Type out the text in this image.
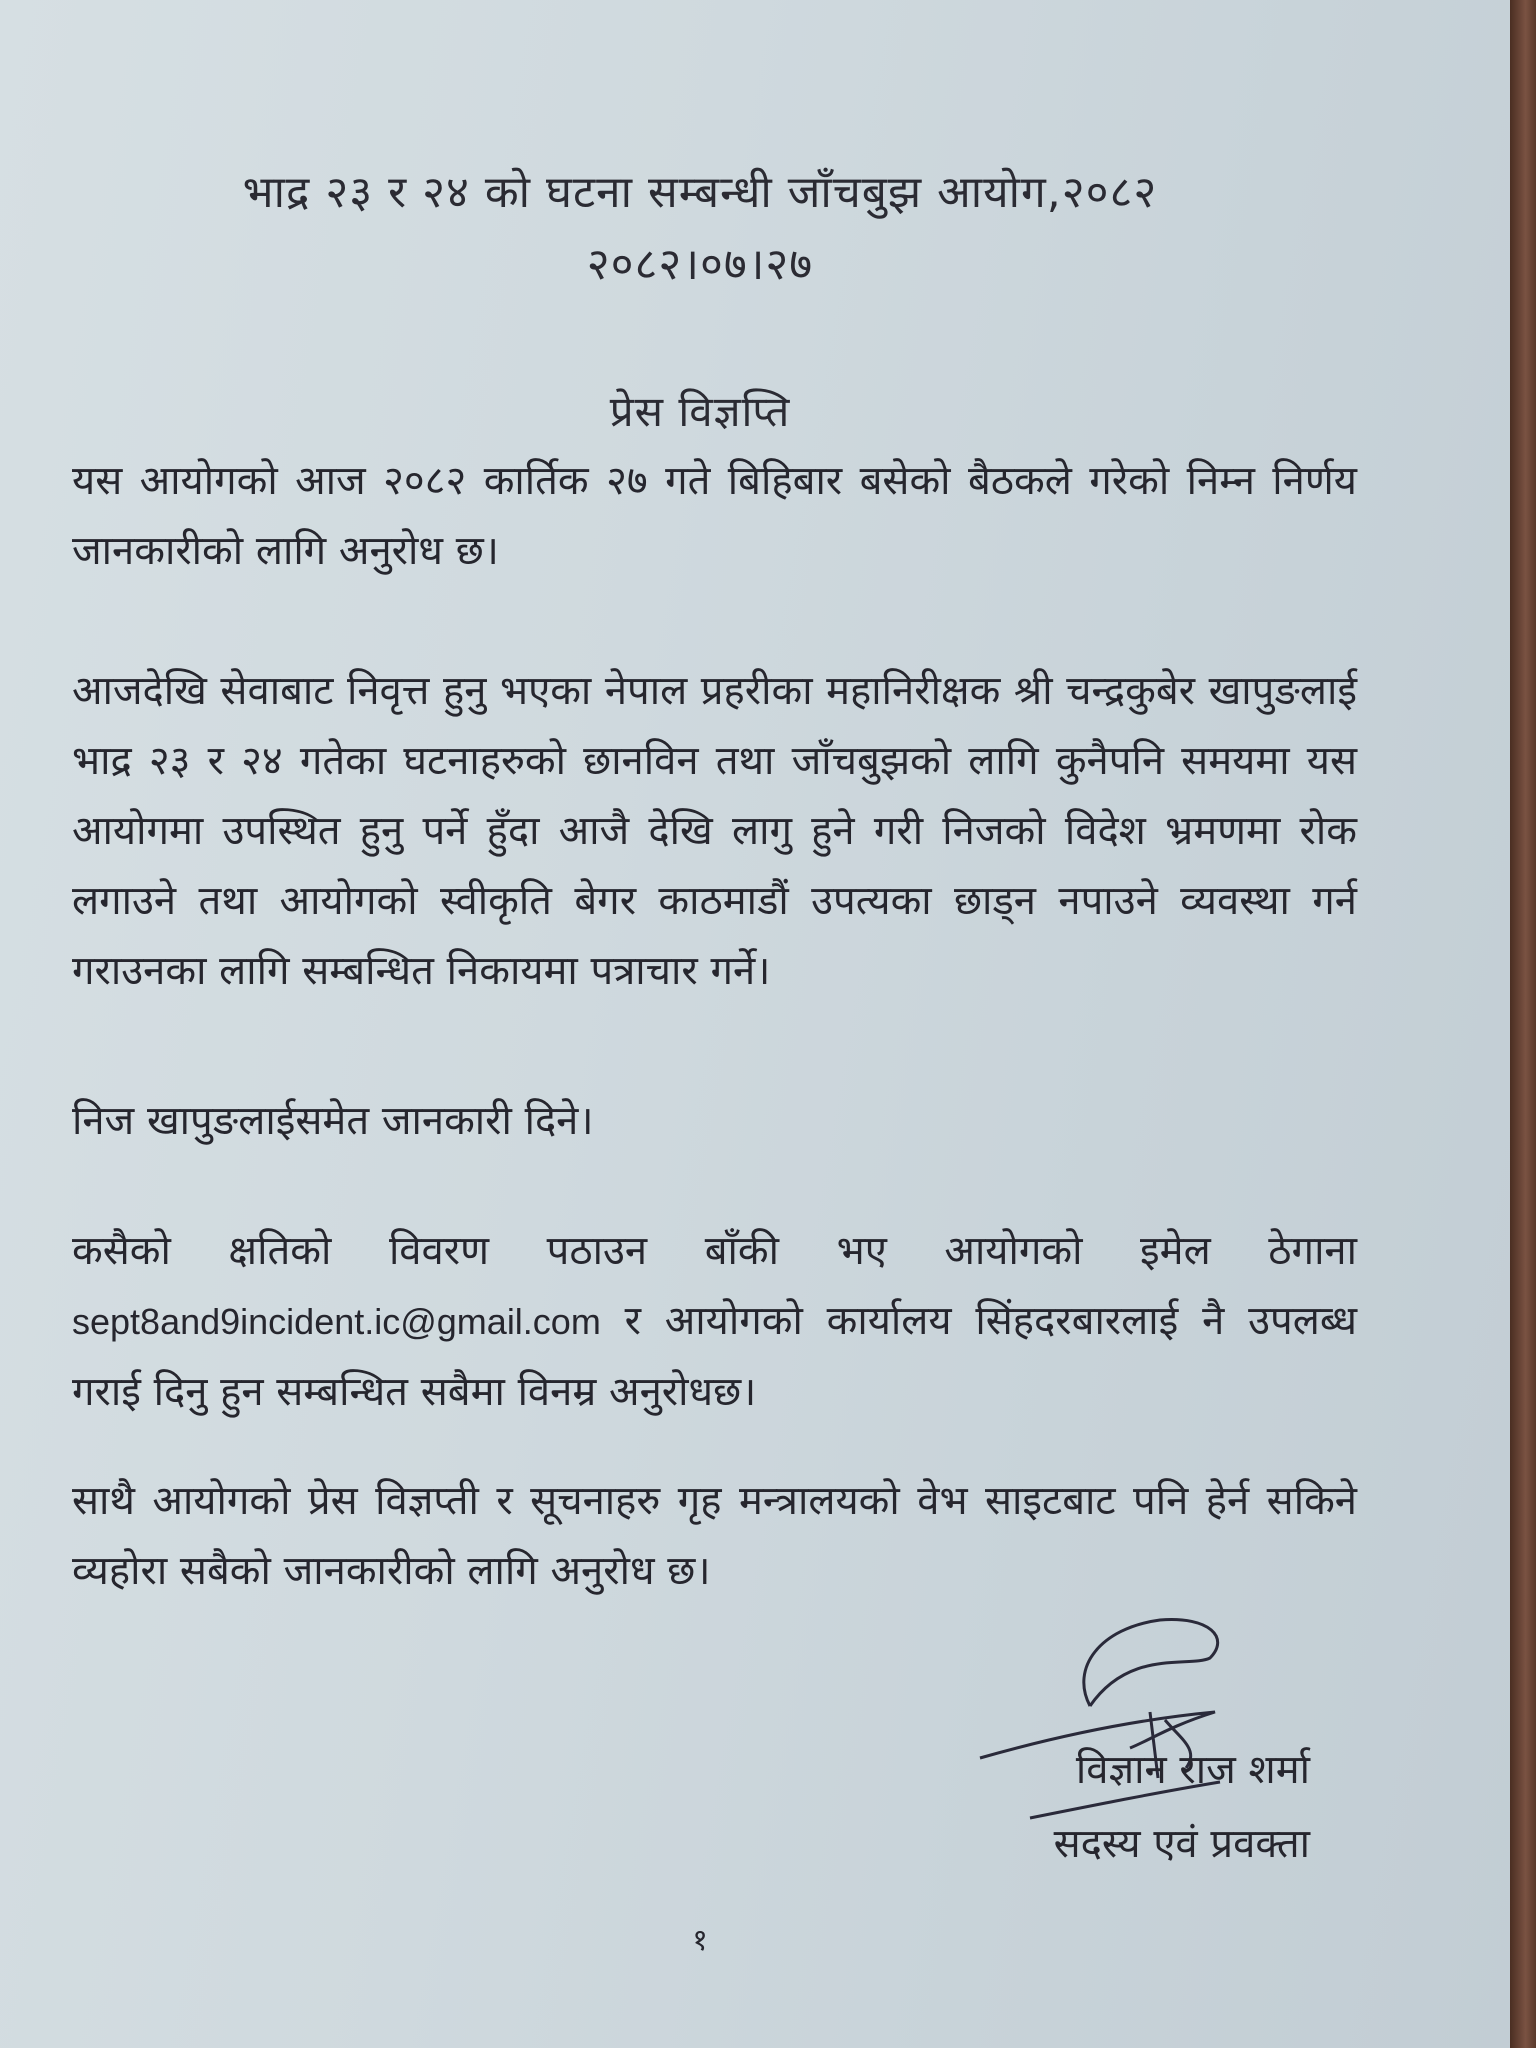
भाद्र २३ र २४ को घटना सम्बन्धी जाँचबुझ आयोग,२०८२
२०८२।०७।२७
प्रेस विज्ञप्ति
यस आयोगको आज २०८२ कार्तिक २७ गते बिहिबार बसेको बैठकले गरेको निम्न निर्णय जानकारीको लागि अनुरोध छ।
आजदेखि सेवाबाट निवृत्त हुनु भएका नेपाल प्रहरीका महानिरीक्षक श्री चन्द्रकुबेर खापुङलाई भाद्र २३ र २४ गतेका घटनाहरुको छानविन तथा जाँचबुझको लागि कुनैपनि समयमा यस आयोगमा उपस्थित हुनु पर्ने हुँदा आजै देखि लागु हुने गरी निजको विदेश भ्रमणमा रोक लगाउने तथा आयोगको स्वीकृति बेगर काठमाडौं उपत्यका छाड्न नपाउने व्यवस्था गर्न गराउनका लागि सम्बन्धित निकायमा पत्राचार गर्ने।
निज खापुङलाईसमेत जानकारी दिने।
कसैको क्षतिको विवरण पठाउन बाँकी भए आयोगको इमेल ठेगाना sept8and9incident.ic@gmail.com र आयोगको कार्यालय सिंहदरबारलाई नै उपलब्ध गराई दिनु हुन सम्बन्धित सबैमा विनम्र अनुरोधछ।
साथै आयोगको प्रेस विज्ञप्ती र सूचनाहरु गृह मन्त्रालयको वेभ साइटबाट पनि हेर्न सकिने व्यहोरा सबैको जानकारीको लागि अनुरोध छ।
विज्ञान राज शर्मा
सदस्य एवं प्रवक्ता
१
